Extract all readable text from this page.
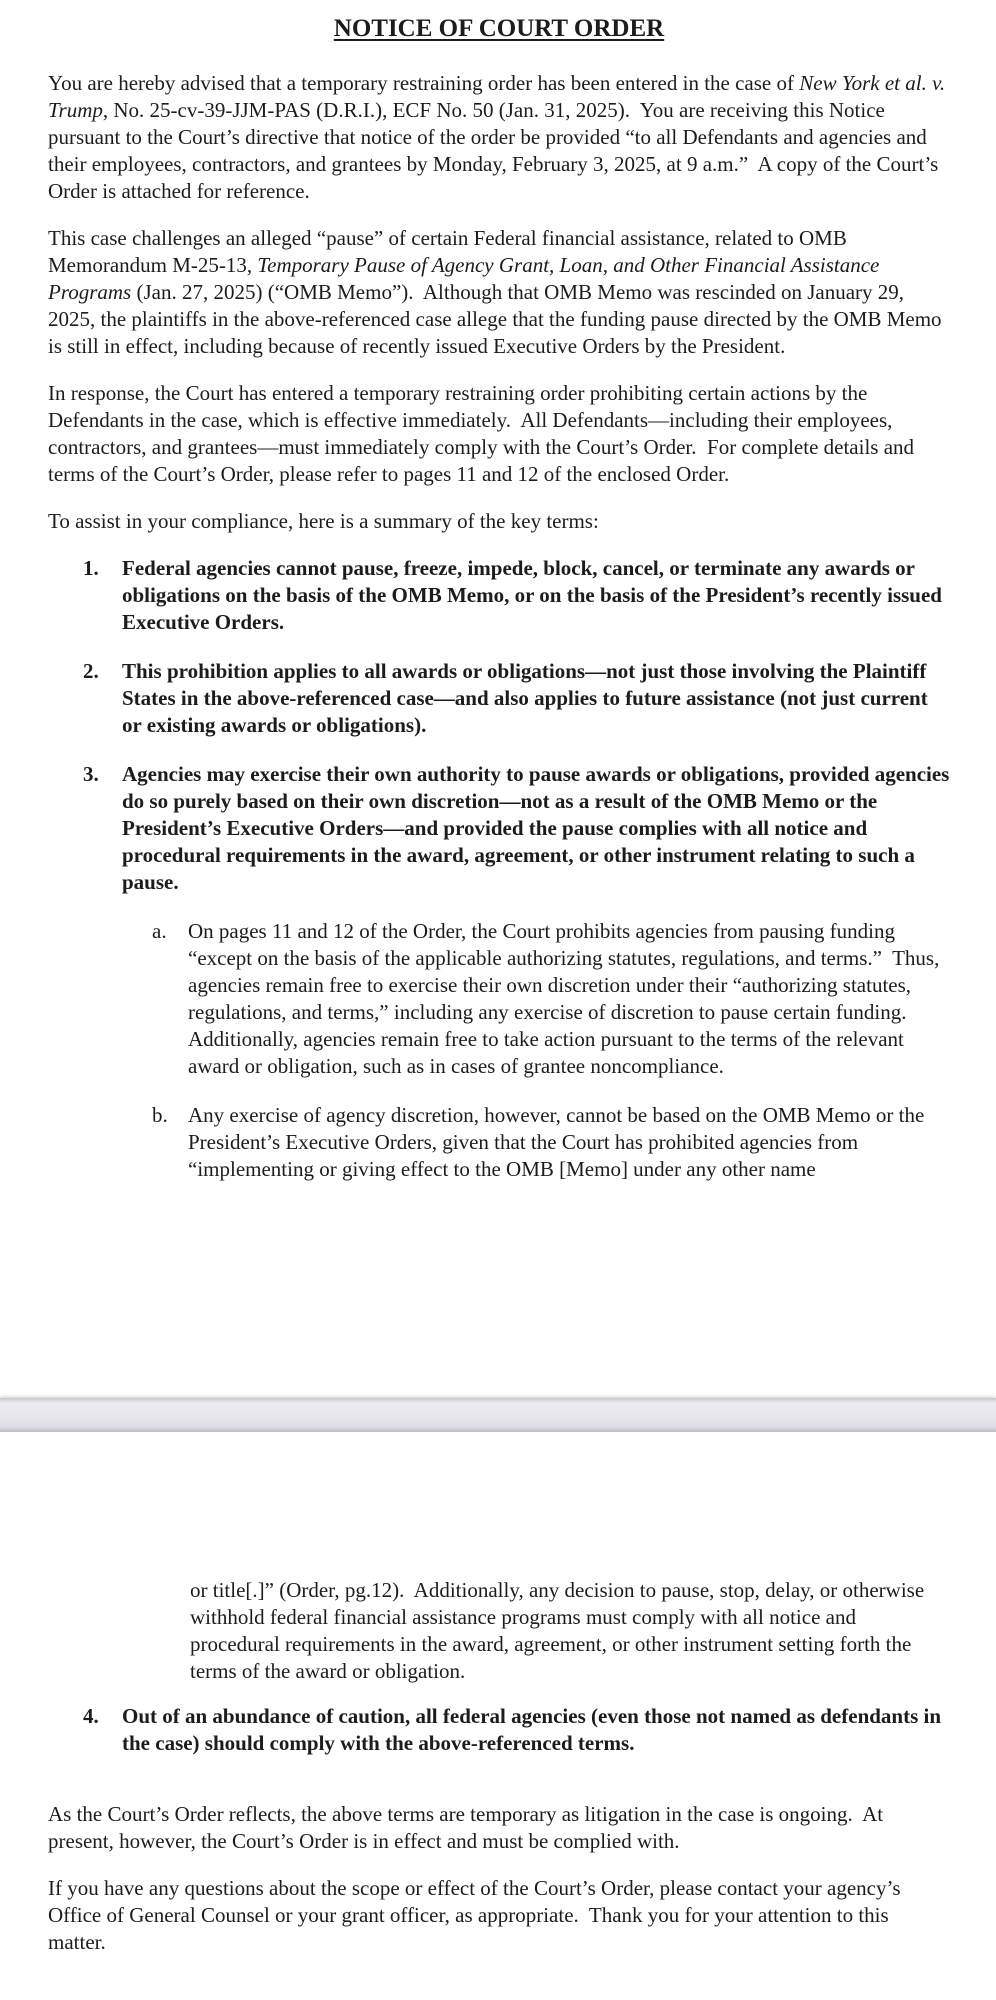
NOTICE OF COURT ORDER

You are hereby advised that a temporary restraining order has been entered in the case of New York et al. v. Trump, No. 25-cv-39-JJM-PAS (D.R.I.), ECF No. 50 (Jan. 31, 2025).  You are receiving this Notice pursuant to the Court’s directive that notice of the order be provided “to all Defendants and agencies and their employees, contractors, and grantees by Monday, February 3, 2025, at 9 a.m.”  A copy of the Court’s Order is attached for reference.

This case challenges an alleged “pause” of certain Federal financial assistance, related to OMB Memorandum M-25-13, Temporary Pause of Agency Grant, Loan, and Other Financial Assistance Programs (Jan. 27, 2025) (“OMB Memo”).  Although that OMB Memo was rescinded on January 29, 2025, the plaintiffs in the above-referenced case allege that the funding pause directed by the OMB Memo is still in effect, including because of recently issued Executive Orders by the President.

In response, the Court has entered a temporary restraining order prohibiting certain actions by the Defendants in the case, which is effective immediately.  All Defendants—including their employees, contractors, and grantees—must immediately comply with the Court’s Order.  For complete details and terms of the Court’s Order, please refer to pages 11 and 12 of the enclosed Order.

To assist in your compliance, here is a summary of the key terms:

1.	Federal agencies cannot pause, freeze, impede, block, cancel, or terminate any awards or obligations on the basis of the OMB Memo, or on the basis of the President’s recently issued Executive Orders.
2.	This prohibition applies to all awards or obligations—not just those involving the Plaintiff States in the above-referenced case—and also applies to future assistance (not just current or existing awards or obligations).
3.	Agencies may exercise their own authority to pause awards or obligations, provided agencies do so purely based on their own discretion—not as a result of the OMB Memo or the President’s Executive Orders—and provided the pause complies with all notice and procedural requirements in the award, agreement, or other instrument relating to such a pause.
a.	On pages 11 and 12 of the Order, the Court prohibits agencies from pausing funding “except on the basis of the applicable authorizing statutes, regulations, and terms.”  Thus, agencies remain free to exercise their own discretion under their “authorizing statutes, regulations, and terms,” including any exercise of discretion to pause certain funding.  Additionally, agencies remain free to take action pursuant to the terms of the relevant award or obligation, such as in cases of grantee noncompliance.
b. Any exercise of agency discretion, however, cannot be based on the OMB Memo or the President’s Executive Orders, given that the Court has prohibited agencies from “implementing or giving effect to the OMB [Memo] under any other name

or title[.]” (Order, pg.12).  Additionally, any decision to pause, stop, delay, or otherwise withhold federal financial assistance programs must comply with all notice and procedural requirements in the award, agreement, or other instrument setting forth the terms of the award or obligation.

4.	Out of an abundance of caution, all federal agencies (even those not named as defendants in the case) should comply with the above-referenced terms.

As the Court’s Order reflects, the above terms are temporary as litigation in the case is ongoing.  At present, however, the Court’s Order is in effect and must be complied with.

If you have any questions about the scope or effect of the Court’s Order, please contact your agency’s Office of General Counsel or your grant officer, as appropriate.  Thank you for your attention to this matter.
